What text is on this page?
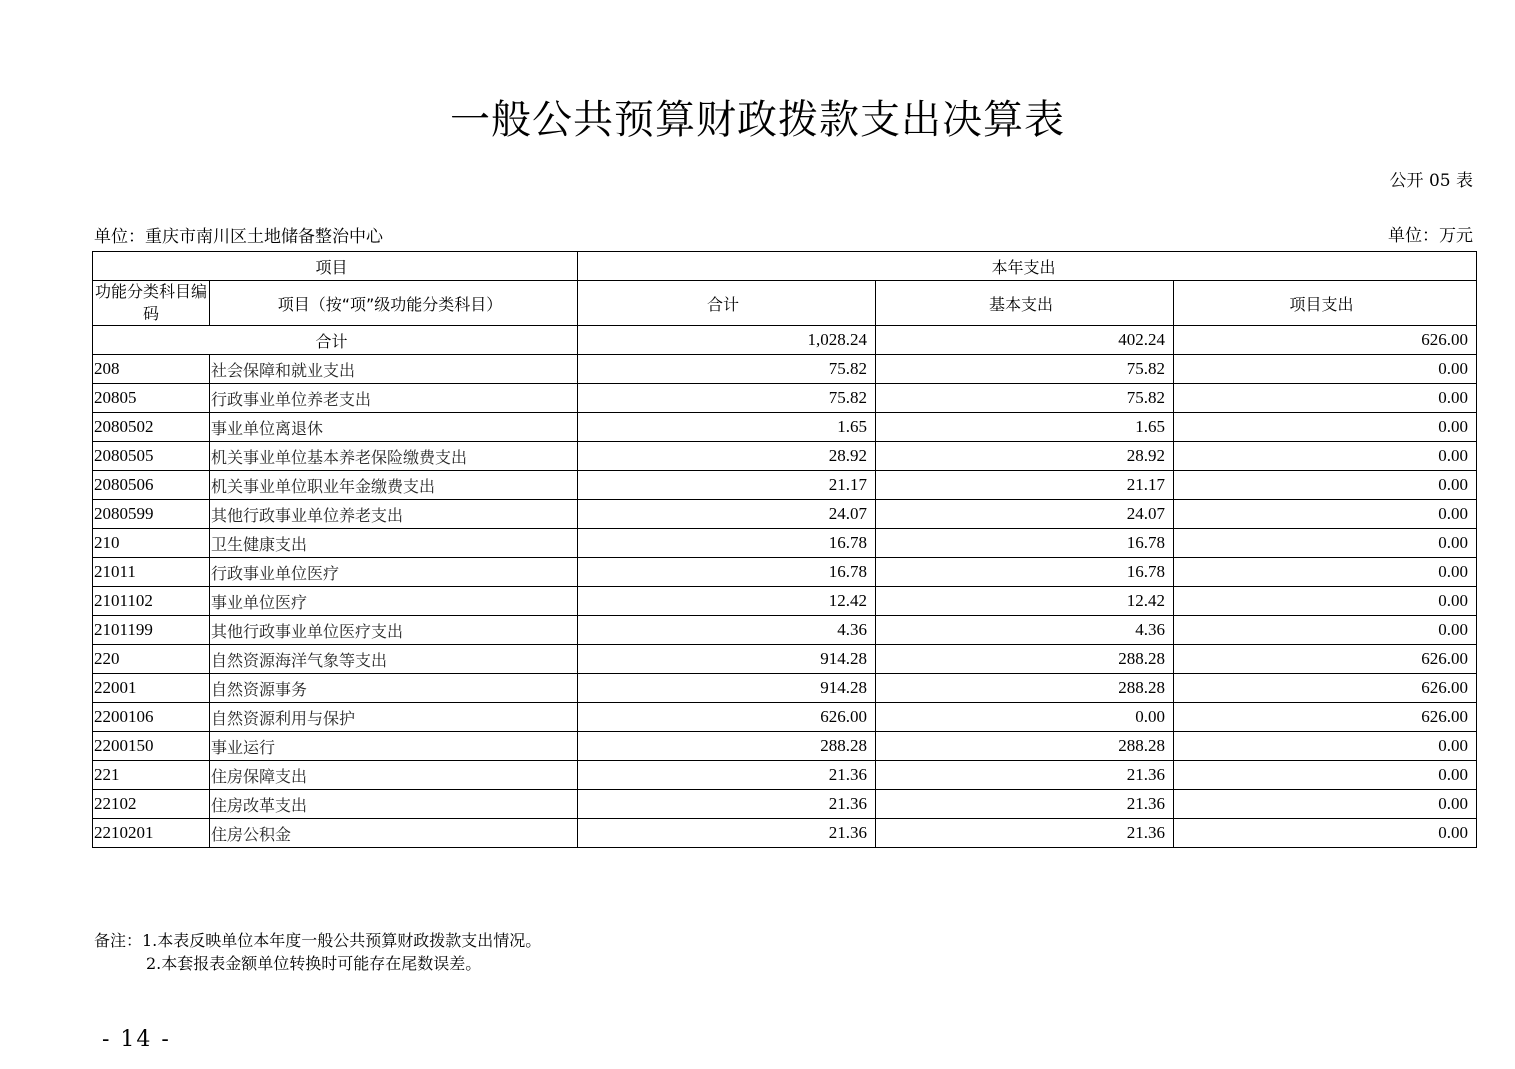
一般公共预算财政拨款支出决算表
公开 05 表
单位：重庆市南川区土地储备整治中心	单位：万元
项目		本年支出		
功能分类科目编码	项目（按“项”级功能分类科目）	合计	基本支出	项目支出
合计		1,028.24	402.24	626.00
208	社会保障和就业支出	75.82	75.82	0.00
20805	行政事业单位养老支出	75.82	75.82	0.00
2080502	事业单位离退休	1.65	1.65	0.00
2080505	机关事业单位基本养老保险缴费支出	28.92	28.92	0.00
2080506	机关事业单位职业年金缴费支出	21.17	21.17	0.00
2080599	其他行政事业单位养老支出	24.07	24.07	0.00
210	卫生健康支出	16.78	16.78	0.00
21011	行政事业单位医疗	16.78	16.78	0.00
2101102	事业单位医疗	12.42	12.42	0.00
2101199	其他行政事业单位医疗支出	4.36	4.36	0.00
220	自然资源海洋气象等支出	914.28	288.28	626.00
22001	自然资源事务	914.28	288.28	626.00
2200106	自然资源利用与保护	626.00	0.00	626.00
2200150	事业运行	288.28	288.28	0.00
221	住房保障支出	21.36	21.36	0.00
22102	住房改革支出	21.36	21.36	0.00
2210201	住房公积金	21.36	21.36	0.00
备注：1.本表反映单位本年度一般公共预算财政拨款支出情况。
2.本套报表金额单位转换时可能存在尾数误差。
- 14 -
